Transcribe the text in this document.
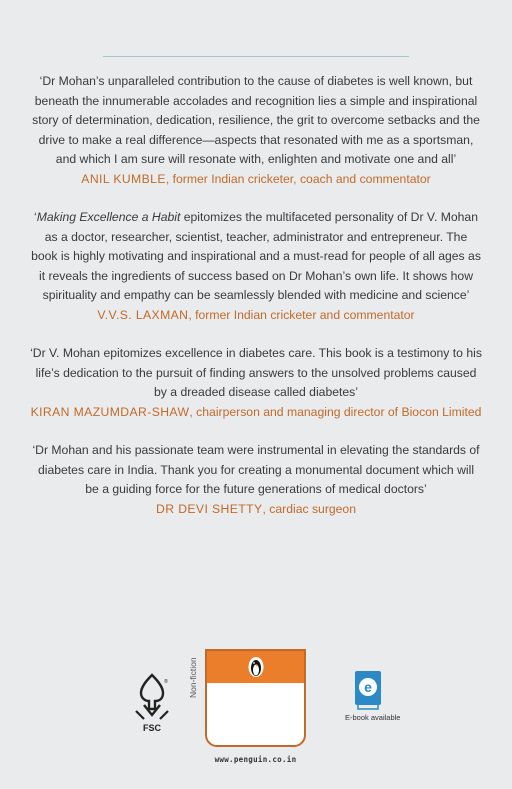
‘Dr Mohan’s unparalleled contribution to the cause of diabetes is well known, but beneath the innumerable accolades and recognition lies a simple and inspirational story of determination, dedication, resilience, the grit to overcome setbacks and the drive to make a real difference—aspects that resonated with me as a sportsman, and which I am sure will resonate with, enlighten and motivate one and all’

ANIL KUMBLE, former Indian cricketer, coach and commentator

‘Making Excellence a Habit epitomizes the multifaceted personality of Dr V. Mohan as a doctor, researcher, scientist, teacher, administrator and entrepreneur. The book is highly motivating and inspirational and a must-read for people of all ages as it reveals the ingredients of success based on Dr Mohan’s own life. It shows how spirituality and empathy can be seamlessly blended with medicine and science’

V.V.S. LAXMAN, former Indian cricketer and commentator

‘Dr V. Mohan epitomizes excellence in diabetes care. This book is a testimony to his life’s dedication to the pursuit of finding answers to the unsolved problems caused by a dreaded disease called diabetes’

KIRAN MAZUMDAR-SHAW, chairperson and managing director of Biocon Limited

‘Dr Mohan and his passionate team were instrumental in elevating the standards of diabetes care in India. Thank you for creating a monumental document which will be a guiding force for the future generations of medical doctors’

DR DEVI SHETTY, cardiac surgeon

FSC
® Non-fiction
www.penguin.co.in
e
E-book available
